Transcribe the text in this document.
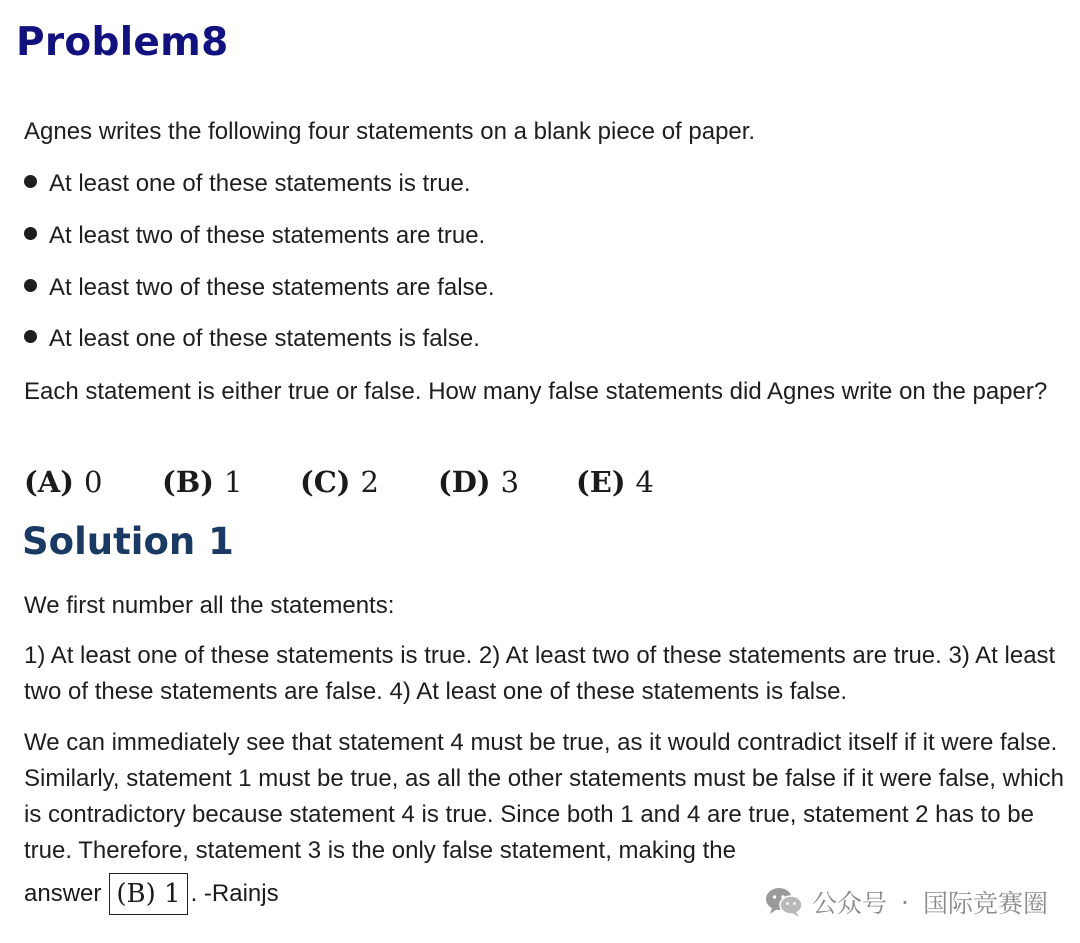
Problem8
Agnes writes the following four statements on a blank piece of paper.
At least one of these statements is true.
At least two of these statements are true.
At least two of these statements are false.
At least one of these statements is false.
Each statement is either true or false. How many false statements did Agnes write on the paper?
(A) 0	(B) 1	(C) 2	(D) 3	(E) 4
Solution 1
We first number all the statements:
1) At least one of these statements is true. 2) At least two of these statements are true. 3) At least two of these statements are false. 4) At least one of these statements is false.
We can immediately see that statement 4 must be true, as it would contradict itself if it were false. Similarly, statement 1 must be true, as all the other statements must be false if it were false, which is contradictory because statement 4 is true. Since both 1 and 4 are true, statement 2 has to be true. Therefore, statement 3 is the only false statement, making the
answer (B) 1 . -Rainjs	公众号 · 国际竞赛圈
